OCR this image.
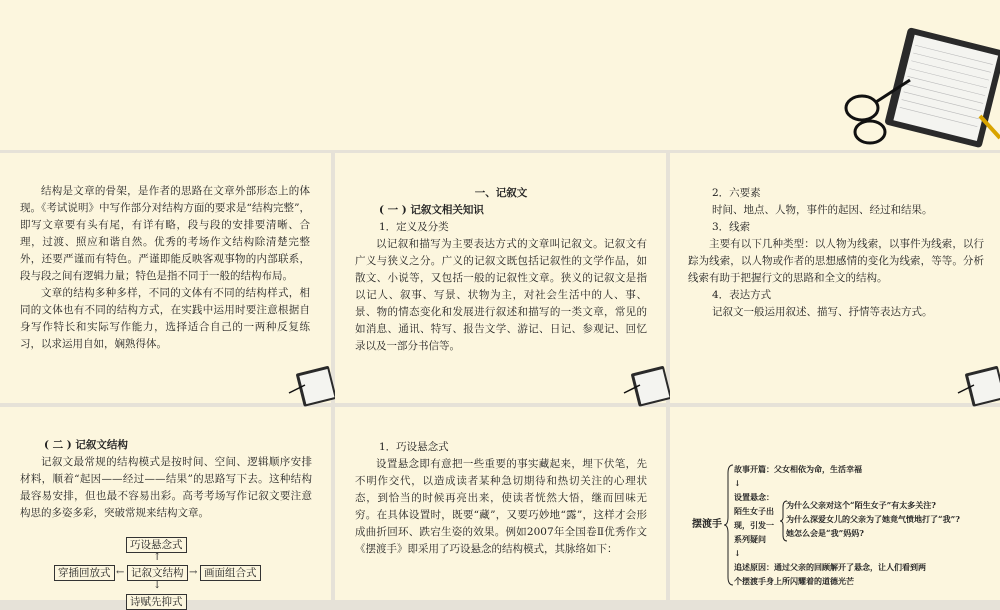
结构是文章的骨架，是作者的思路在文章外部形态上的体现。《考试说明》中写作部分对结构方面的要求是“结构完整”，即写文章要有头有尾，有详有略，段与段的安排要清晰、合理，过渡、照应和谐自然。优秀的考场作文结构除清楚完整外，还要严谨而有特色。严谨即能反映客观事物的内部联系，段与段之间有逻辑力量；特色是指不同于一般的结构布局。

文章的结构多种多样，不同的文体有不同的结构样式，相同的文体也有不同的结构方式，在实践中运用时要注意根据自身写作特长和实际写作能力，选择适合自己的一两种反复练习，以求运用自如，娴熟得体。

一、记叙文

( 一 ) 记叙文相关知识

1．定义及分类

以记叙和描写为主要表达方式的文章叫记叙文。记叙文有广义与狭义之分。广义的记叙文既包括记叙性的文学作品，如散文、小说等，又包括一般的记叙性文章。狭义的记叙文是指以记人、叙事、写景、状物为主，对社会生活中的人、事、景、物的情态变化和发展进行叙述和描写的一类文章，常见的如消息、通讯、特写、报告文学、游记、日记、参观记、回忆录以及一部分书信等。

2．六要素

时间、地点、人物，事件的起因、经过和结果。

3．线索

主要有以下几种类型：以人物为线索，以事件为线索，以行踪为线索，以人物或作者的思想感情的变化为线索，等等。分析线索有助于把握行文的思路和全文的结构。

4．表达方式

记叙文一般运用叙述、描写、抒情等表达方式。

( 二 ) 记叙文结构

记叙文最常规的结构模式是按时间、空间、逻辑顺序安排材料，顺着“起因——经过——结果”的思路写下去。这种结构最容易安排，但也最不容易出彩。高考考场写作记叙文要注意构思的多姿多彩，突破常规来结构文章。

巧设悬念式
↑
穿插回放式 ← 记叙文结构 → 画面组合式
↓
诗赋先抑式

1．巧设悬念式

设置悬念即有意把一些重要的事实藏起来，埋下伏笔，先不明作交代，以造成读者某种急切期待和热切关注的心理状态，到恰当的时候再亮出来，使读者恍然大悟，继而回味无穷。在具体设置时，既要“藏”，又要巧妙地“露”，这样才会形成曲折回环、跌宕生姿的效果。例如2007年全国卷Ⅱ优秀作文《摆渡手》即采用了巧设悬念的结构模式，其脉络如下：

摆渡手
故事开篇：父女相依为命，生活幸福
↓
设置悬念：
陌生女子出
现，引发一
系列疑问
为什么父亲对这个“陌生女子”有太多关注?
为什么深爱女儿的父亲为了她竟气愤地打了“我”?
她怎么会是“我”妈妈?
↓
追述原因：通过父亲的回顾解开了悬念，让人们看到两
个摆渡手身上所闪耀着的道德光芒
